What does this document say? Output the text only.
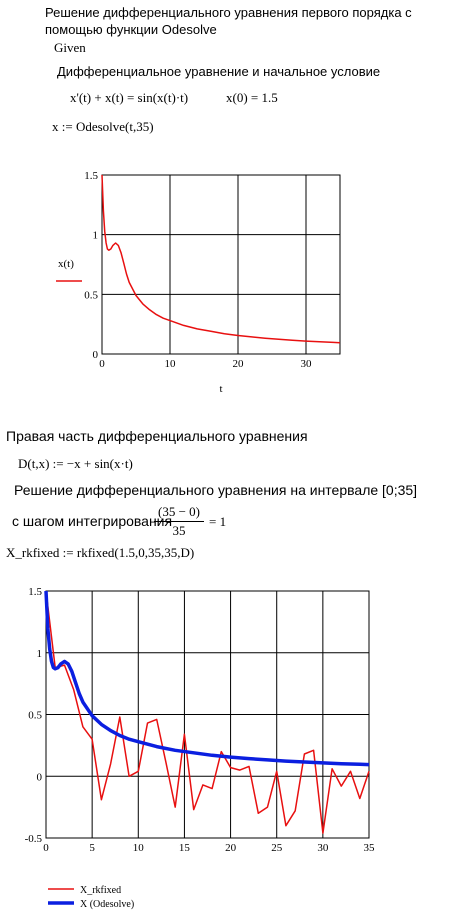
Решение дифференциального уравнения первого порядка с помощью функции Odesolve
Given
Дифференциальное уравнение и начальное условие
x'(t) + x(t) = sin(x(t)·t)	x(0) = 1.5
x := Odesolve(t,35)
0	10	20	30
0
0.5
1
1.5
x(t)
t
Правая часть дифференциального уравнения
D(t,x) := −x + sin(x·t)
Решение дифференциального уравнения на интервале [0;35]
с шагом интегрирования
$\frac{(35 - 0)}{35} = 1$
X_rkfixed := rkfixed(1.5,0,35,35,D)
0	5	10	15	20	25	30	35
-0.5
0
0.5
1
1.5
X_rkfixed
X (Odesolve)
